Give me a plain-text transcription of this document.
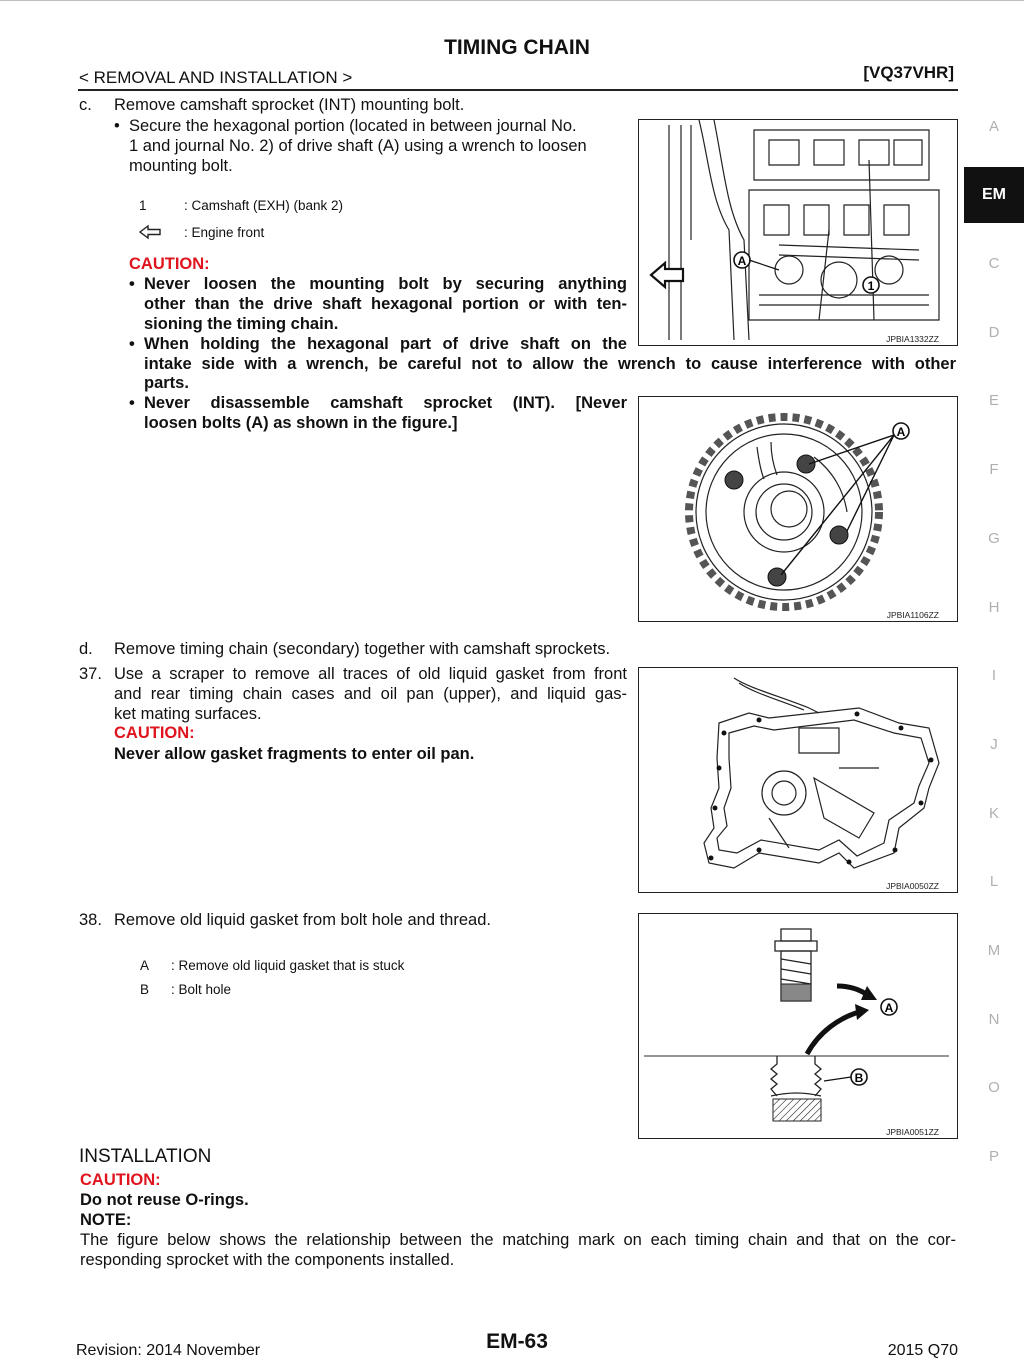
TIMING CHAIN
< REMOVAL AND INSTALLATION >	[VQ37VHR]
c. Remove camshaft sprocket (INT) mounting bolt.
• Secure the hexagonal portion (located in between journal No.
1 and journal No. 2) of drive shaft (A) using a wrench to loosen
mounting bolt.
1	: Camshaft (EXH) (bank 2)
: Engine front
CAUTION:
• Never loosen the mounting bolt by securing anything
other than the drive shaft hexagonal portion or with ten-
sioning the timing chain.
• When holding the hexagonal part of drive shaft on the
intake side with a wrench, be careful not to allow the wrench to cause interference with other
parts.
• Never disassemble camshaft sprocket (INT). [Never
loosen bolts (A) as shown in the figure.]
A
1
JPBIA1332ZZ
A
JPBIA1106ZZ
d. Remove timing chain (secondary) together with camshaft sprockets.
37. Use a scraper to remove all traces of old liquid gasket from front
and rear timing chain cases and oil pan (upper), and liquid gas-
ket mating surfaces.
CAUTION:
Never allow gasket fragments to enter oil pan.
JPBIA0050ZZ
38. Remove old liquid gasket from bolt hole and thread.
A : Remove old liquid gasket that is stuck
B : Bolt hole
A
B
JPBIA0051ZZ
INSTALLATION
CAUTION:
Do not reuse O-rings.
NOTE:
The figure below shows the relationship between the matching mark on each timing chain and that on the cor-
responding sprocket with the components installed.
EM
A
C
D
E
F
G
H
I
J
K
L
M
N
O
P
Revision: 2014 November	EM-63	2015 Q70
